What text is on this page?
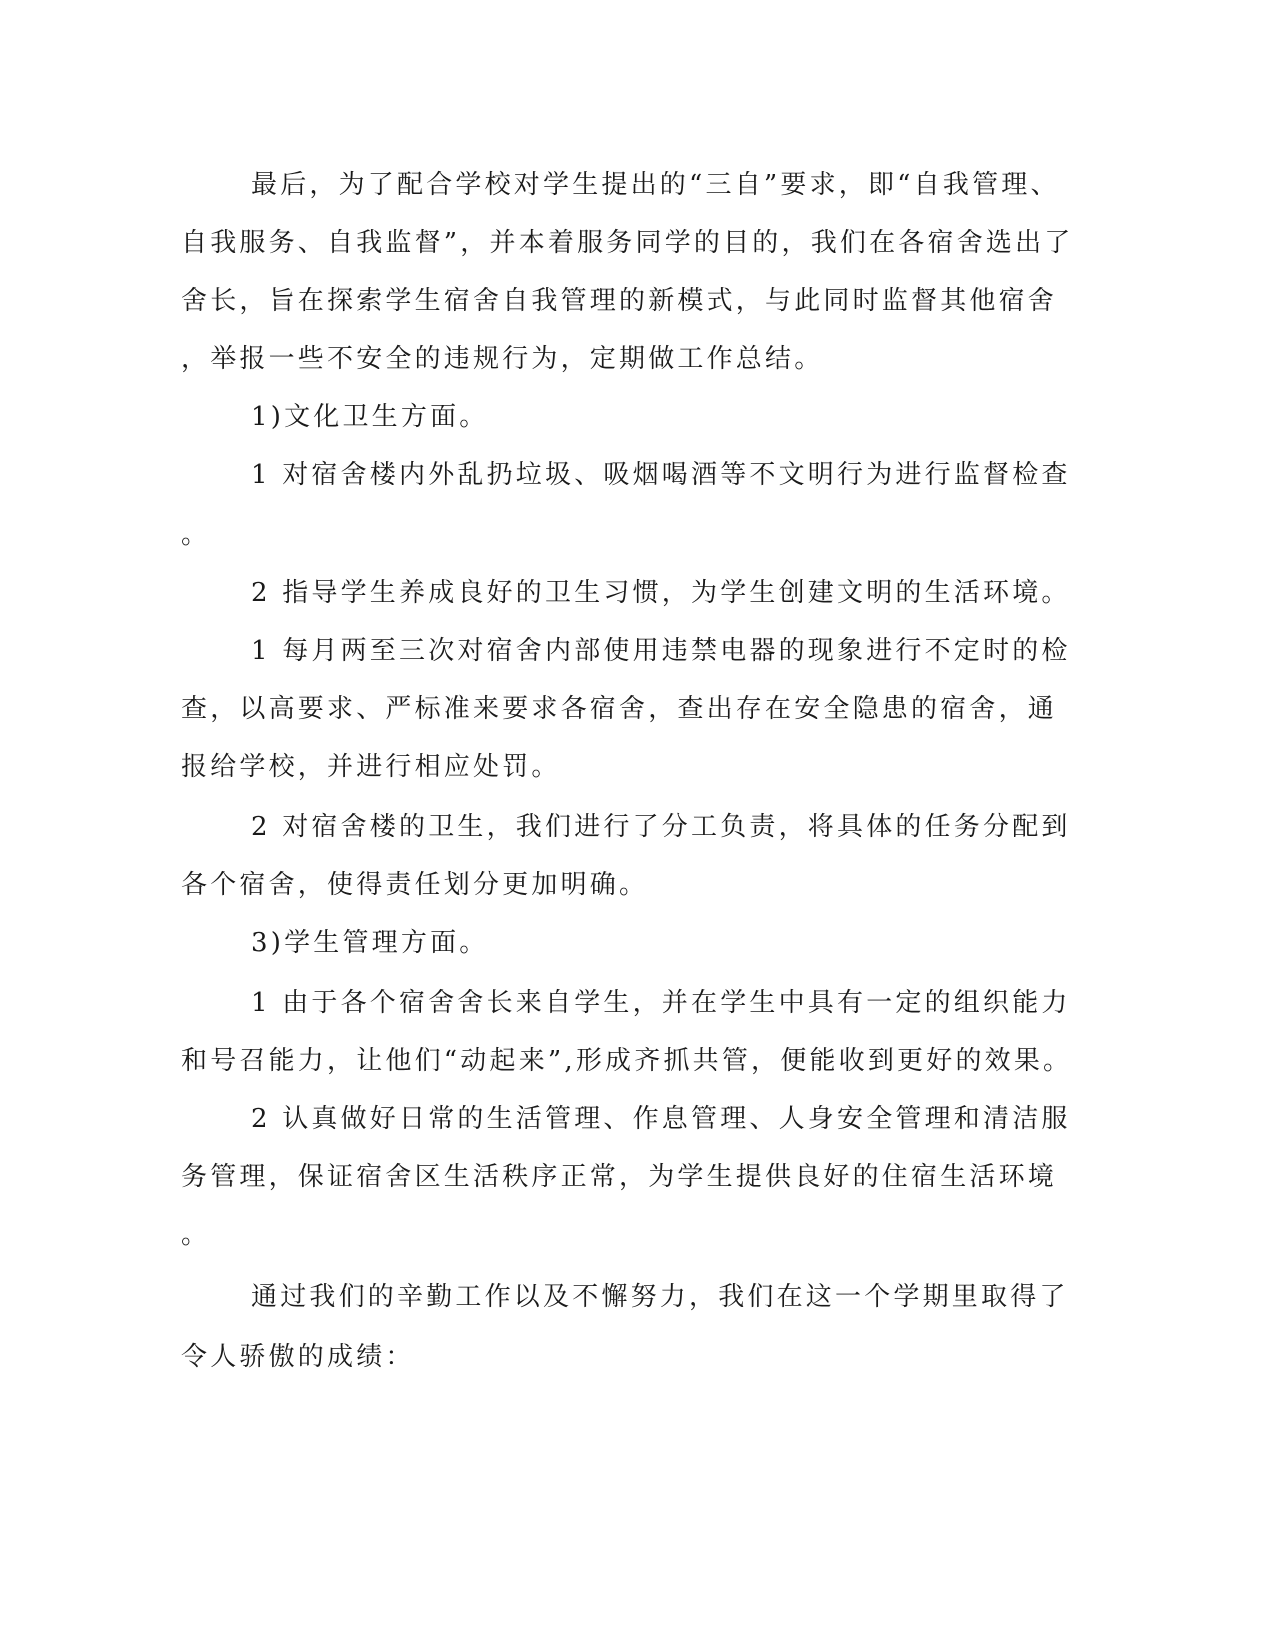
最后，为了配合学校对学生提出的“三自”要求，即“自我管理、
自我服务、自我监督”，并本着服务同学的目的，我们在各宿舍选出了
舍长，旨在探索学生宿舍自我管理的新模式，与此同时监督其他宿舍
，举报一些不安全的违规行为，定期做工作总结。
1)文化卫生方面。
1 对宿舍楼内外乱扔垃圾、吸烟喝酒等不文明行为进行监督检查
。
2 指导学生养成良好的卫生习惯，为学生创建文明的生活环境。
1 每月两至三次对宿舍内部使用违禁电器的现象进行不定时的检
查，以高要求、严标准来要求各宿舍，查出存在安全隐患的宿舍，通
报给学校，并进行相应处罚。
2 对宿舍楼的卫生，我们进行了分工负责，将具体的任务分配到
各个宿舍，使得责任划分更加明确。
3)学生管理方面。
1 由于各个宿舍舍长来自学生，并在学生中具有一定的组织能力
和号召能力，让他们“动起来”,形成齐抓共管，便能收到更好的效果。
2 认真做好日常的生活管理、作息管理、人身安全管理和清洁服
务管理，保证宿舍区生活秩序正常，为学生提供良好的住宿生活环境
。
通过我们的辛勤工作以及不懈努力，我们在这一个学期里取得了
令人骄傲的成绩：
